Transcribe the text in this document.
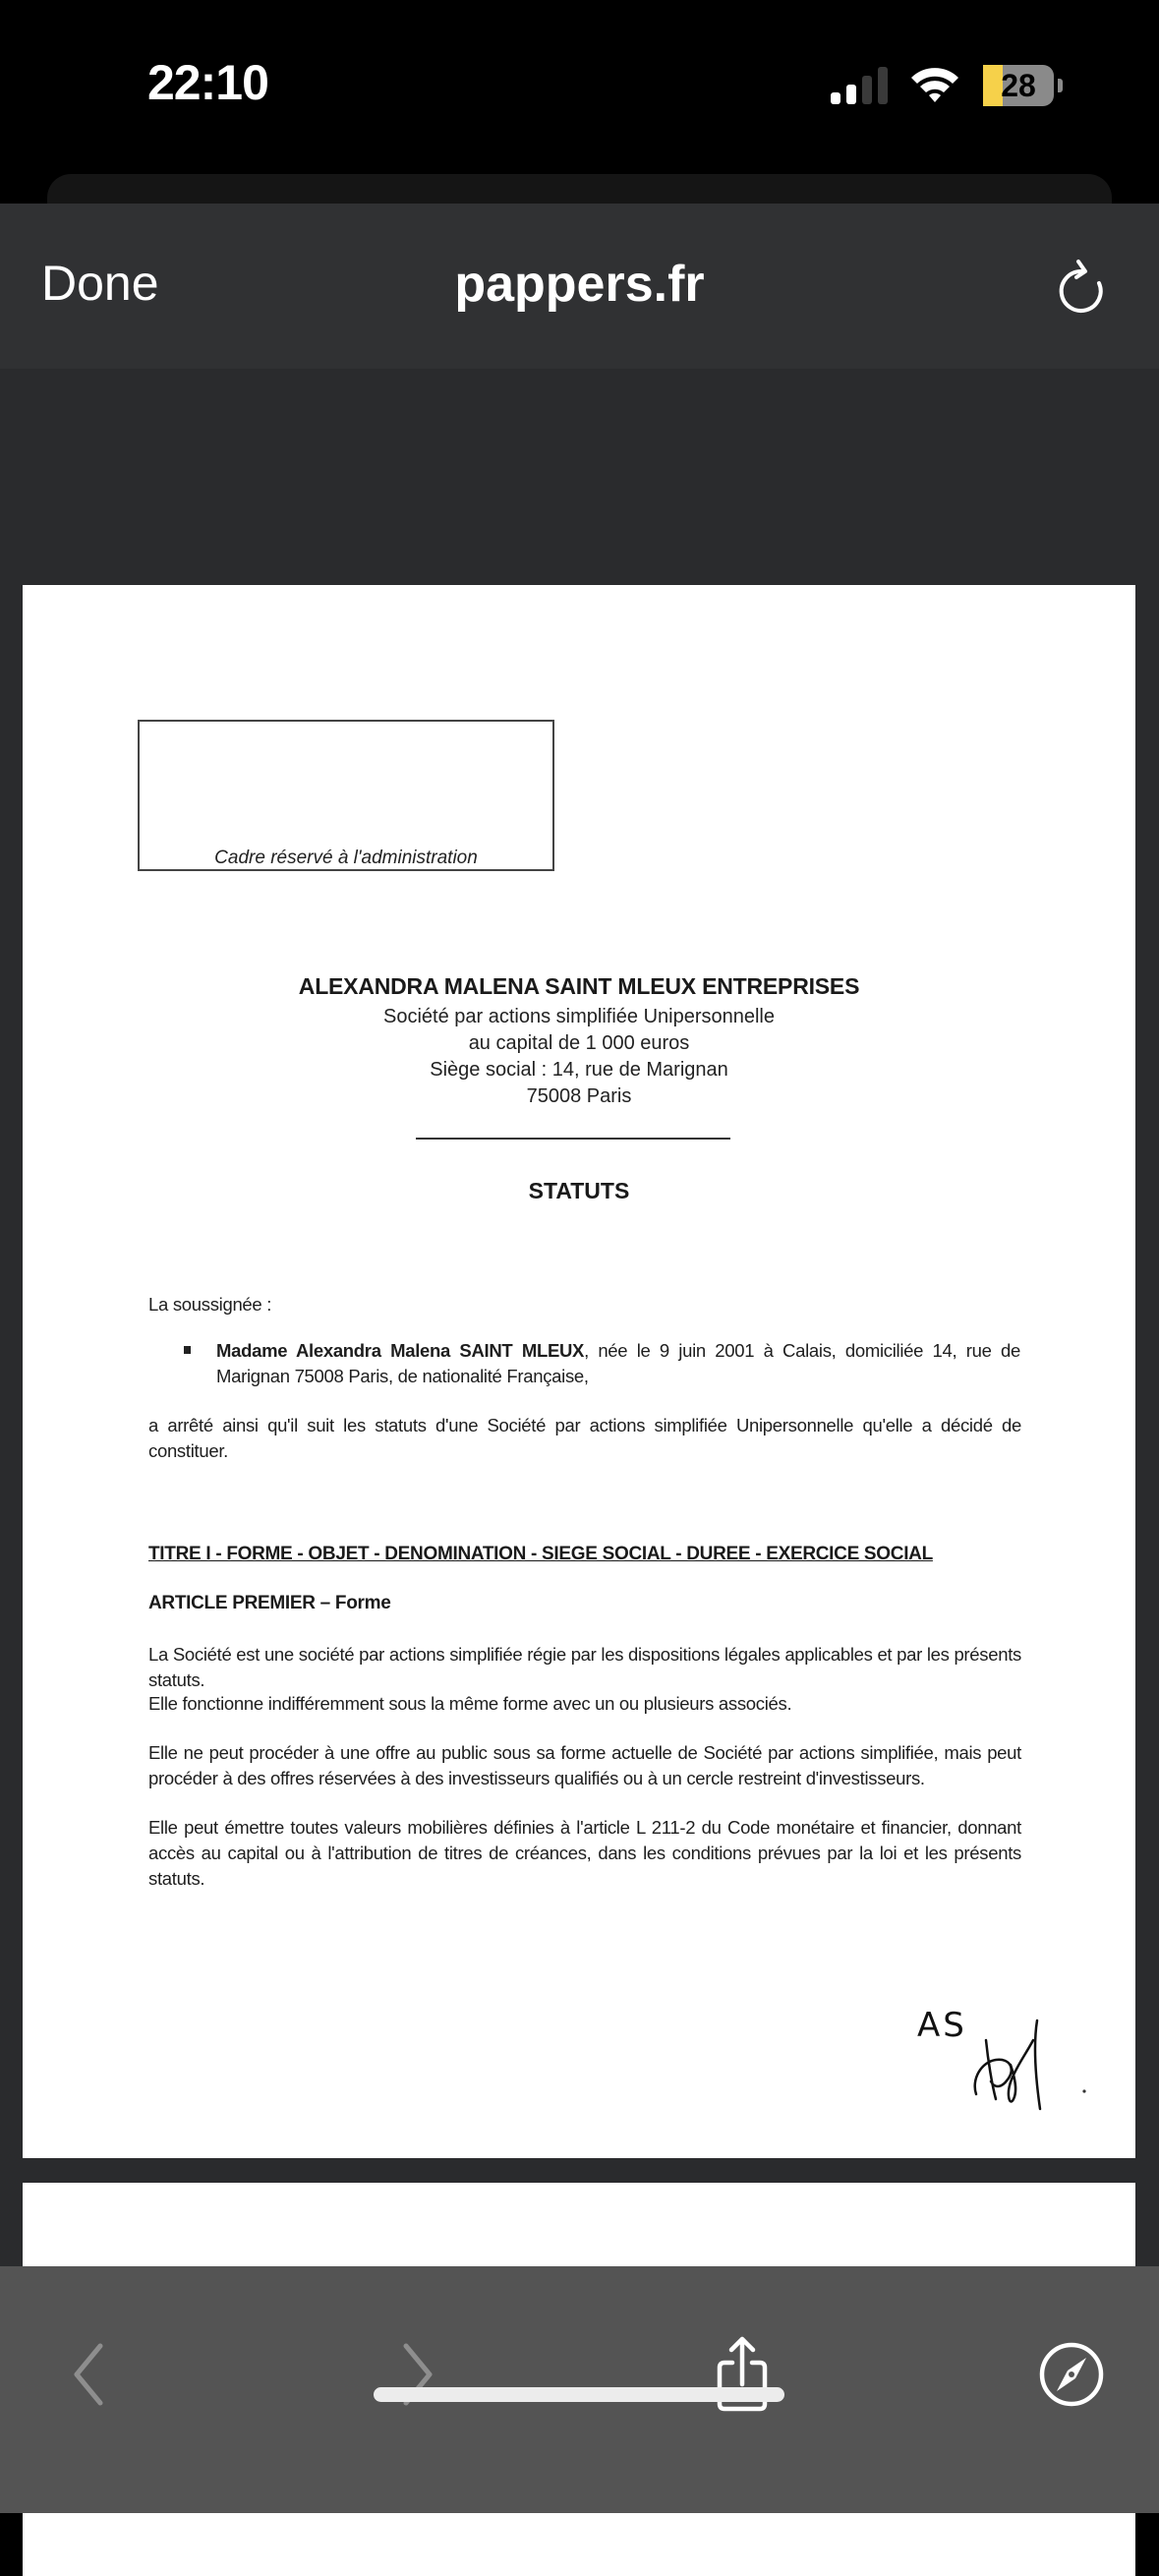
22:10	28
Done	pappers.fr
Cadre réservé à l'administration
ALEXANDRA MALENA SAINT MLEUX ENTREPRISES
Société par actions simplifiée Unipersonnelle
au capital de 1 000 euros
Siège social : 14, rue de Marignan
75008 Paris
STATUTS
La soussignée :
Madame Alexandra Malena SAINT MLEUX, née le 9 juin 2001 à Calais, domiciliée 14, rue de Marignan 75008 Paris, de nationalité Française,
a arrêté ainsi qu'il suit les statuts d'une Société par actions simplifiée Unipersonnelle qu'elle a décidé de constituer.
TITRE I - FORME - OBJET - DENOMINATION - SIEGE SOCIAL - DUREE - EXERCICE SOCIAL
ARTICLE PREMIER – Forme
La Société est une société par actions simplifiée régie par les dispositions légales applicables et par les présents statuts.
Elle fonctionne indifféremment sous la même forme avec un ou plusieurs associés.
Elle ne peut procéder à une offre au public sous sa forme actuelle de Société par actions simplifiée, mais peut procéder à des offres réservées à des investisseurs qualifiés ou à un cercle restreint d'investisseurs.
Elle peut émettre toutes valeurs mobilières définies à l'article L 211-2 du Code monétaire et financier, donnant accès au capital ou à l'attribution de titres de créances, dans les conditions prévues par la loi et les présents statuts.
AS
